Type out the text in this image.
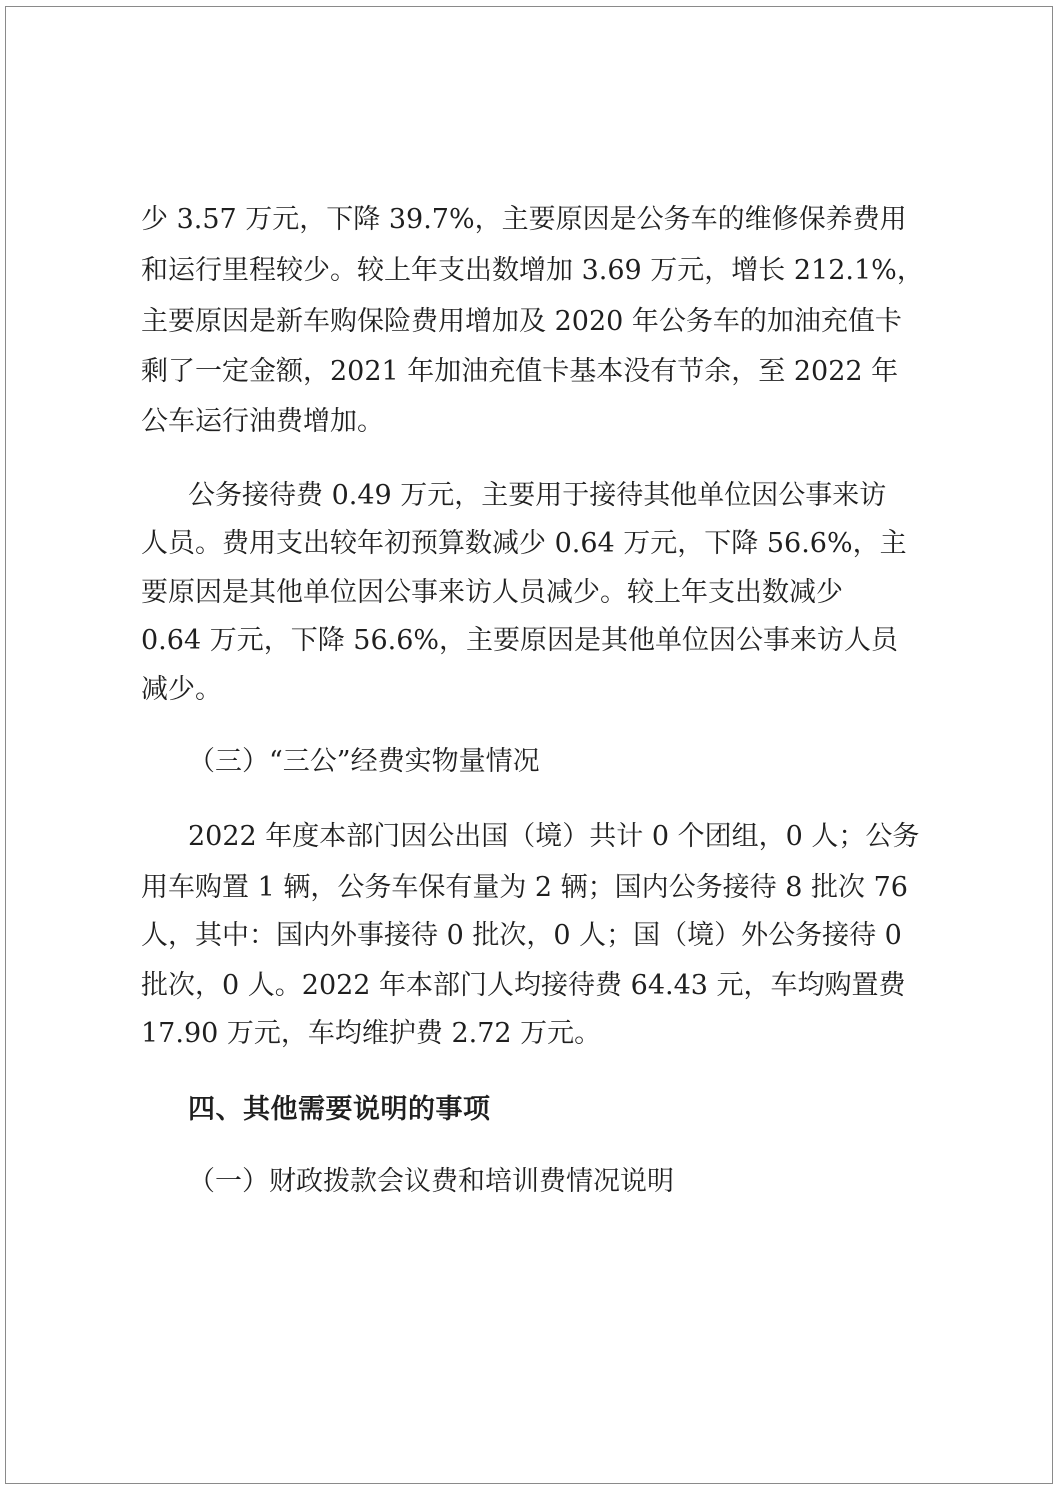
少 3.57 万元，下降 39.7%，主要原因是公务车的维修保养费用
和运行里程较少。较上年支出数增加 3.69 万元，增长 212.1%，
主要原因是新车购保险费用增加及 2020 年公务车的加油充值卡
剩了一定金额，2021 年加油充值卡基本没有节余，至 2022 年
公车运行油费增加。
公务接待费 0.49 万元，主要用于接待其他单位因公事来访
人员。费用支出较年初预算数减少 0.64 万元，下降 56.6%，主
要原因是其他单位因公事来访人员减少。较上年支出数减少
0.64 万元，下降 56.6%，主要原因是其他单位因公事来访人员
减少。
（三）“三公”经费实物量情况
2022 年度本部门因公出国（境）共计 0 个团组，0 人；公务
用车购置 1 辆，公务车保有量为 2 辆；国内公务接待 8 批次 76
人，其中：国内外事接待 0 批次，0 人；国（境）外公务接待 0
批次，0 人。2022 年本部门人均接待费 64.43 元，车均购置费
17.90 万元，车均维护费 2.72 万元。
四、其他需要说明的事项
（一）财政拨款会议费和培训费情况说明
